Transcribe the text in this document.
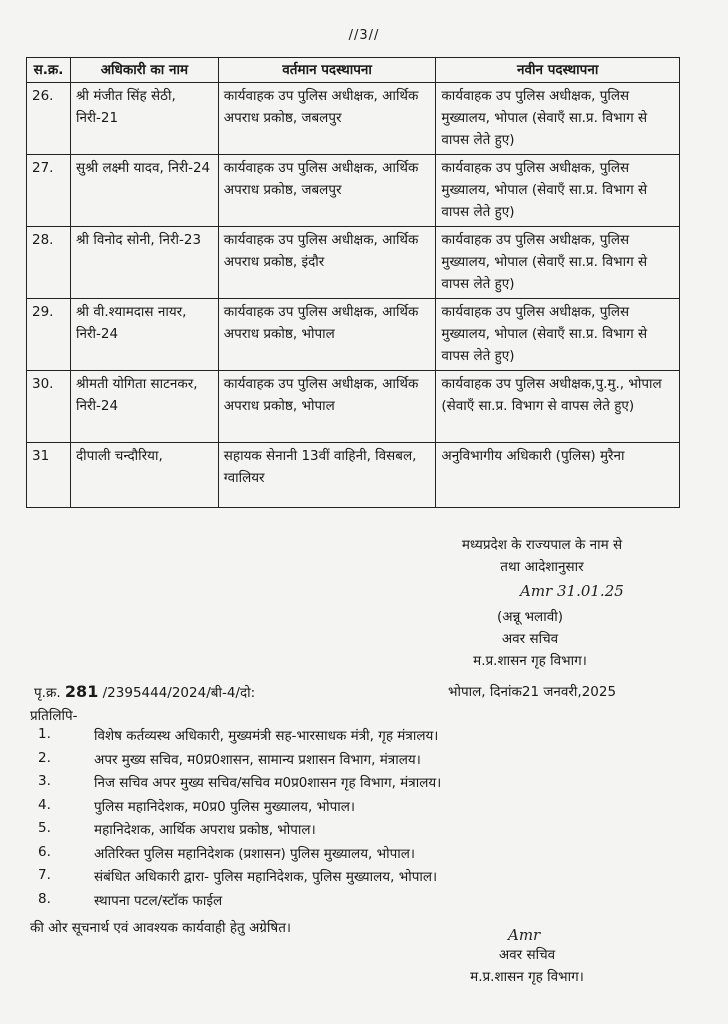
//3//
स.क्र.	अधिकारी का नाम	वर्तमान पदस्थापना	नवीन पदस्थापना
26.	श्री मंजीत सिंह सेठी, निरी-21	कार्यवाहक उप पुलिस अधीक्षक, आर्थिक अपराध प्रकोष्ठ, जबलपुर	कार्यवाहक उप पुलिस अधीक्षक, पुलिस मुख्यालय, भोपाल (सेवाएँ सा.प्र. विभाग से वापस लेते हुए)
27.	सुश्री लक्ष्मी यादव, निरी-24	कार्यवाहक उप पुलिस अधीक्षक, आर्थिक अपराध प्रकोष्ठ, जबलपुर	कार्यवाहक उप पुलिस अधीक्षक, पुलिस मुख्यालय, भोपाल (सेवाएँ सा.प्र. विभाग से वापस लेते हुए)
28.	श्री विनोद सोनी, निरी-23	कार्यवाहक उप पुलिस अधीक्षक, आर्थिक अपराध प्रकोष्ठ, इंदौर	कार्यवाहक उप पुलिस अधीक्षक, पुलिस मुख्यालय, भोपाल (सेवाएँ सा.प्र. विभाग से वापस लेते हुए)
29.	श्री वी.श्यामदास नायर, निरी-24	कार्यवाहक उप पुलिस अधीक्षक, आर्थिक अपराध प्रकोष्ठ, भोपाल	कार्यवाहक उप पुलिस अधीक्षक, पुलिस मुख्यालय, भोपाल (सेवाएँ सा.प्र. विभाग से वापस लेते हुए)
30.	श्रीमती योगिता साटनकर, निरी-24	कार्यवाहक उप पुलिस अधीक्षक, आर्थिक अपराध प्रकोष्ठ, भोपाल	कार्यवाहक उप पुलिस अधीक्षक,पु.मु., भोपाल (सेवाएँ सा.प्र. विभाग से वापस लेते हुए)
31	दीपाली चन्दौरिया,	सहायक सेनानी 13वीं वाहिनी, विसबल, ग्वालियर	अनुविभागीय अधिकारी (पुलिस) मुरैना
मध्यप्रदेश के राज्यपाल के नाम से
तथा आदेशानुसार
Amr 31.01.25
(अन्नू भलावी)
अवर सचिव
म.प्र.शासन गृह विभाग।
पृ.क्र. 281 /2395444/2024/बी-4/दो:	भोपाल, दिनांक21 जनवरी,2025
प्रतिलिपि-
1.	विशेष कर्तव्यस्थ अधिकारी, मुख्यमंत्री सह-भारसाधक मंत्री, गृह मंत्रालय।
2.	अपर मुख्य सचिव, म0प्र0शासन, सामान्य प्रशासन विभाग, मंत्रालय।
3.	निज सचिव अपर मुख्य सचिव/सचिव म0प्र0शासन गृह विभाग, मंत्रालय।
4.	पुलिस महानिदेशक, म0प्र0 पुलिस मुख्यालय, भोपाल।
5.	महानिदेशक, आर्थिक अपराध प्रकोष्ठ, भोपाल।
6.	अतिरिक्त पुलिस महानिदेशक (प्रशासन) पुलिस मुख्यालय, भोपाल।
7.	संबंधित अधिकारी द्वारा- पुलिस महानिदेशक, पुलिस मुख्यालय, भोपाल।
8.	स्थापना पटल/स्टॉक फाईल
की ओर सूचनार्थ एवं आवश्यक कार्यवाही हेतु अग्रेषित।	Amr
अवर सचिव
म.प्र.शासन गृह विभाग।
